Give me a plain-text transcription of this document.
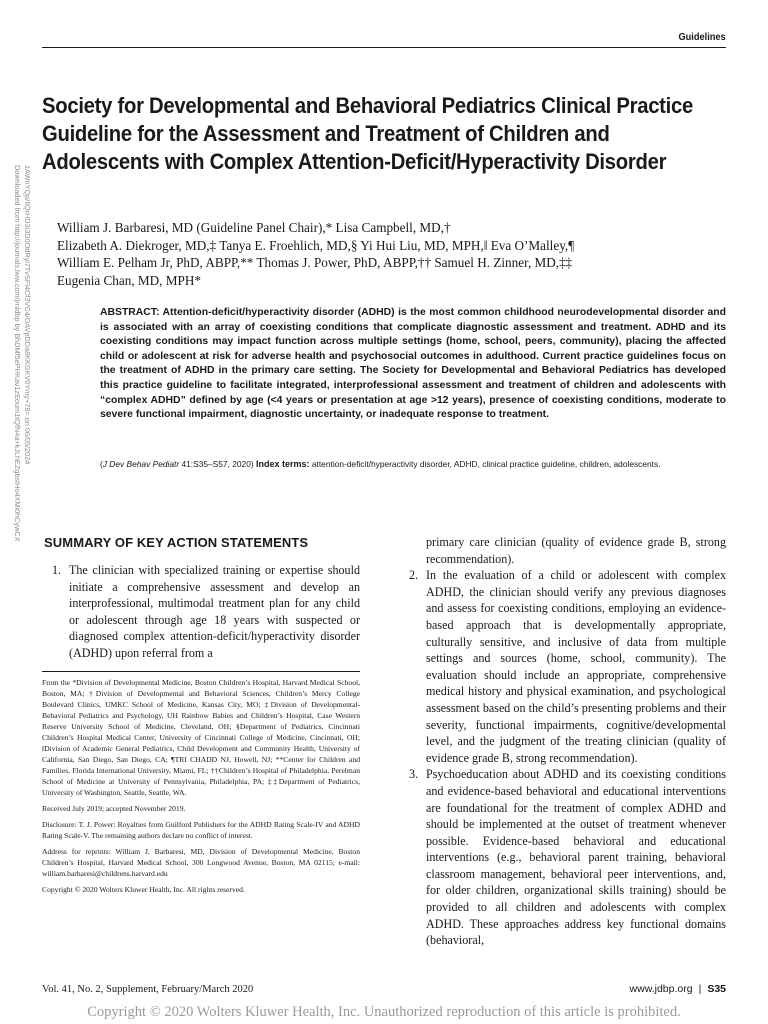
Guidelines
Downloaded from http://journals.lww.com/jrnldbp by BhDMf5ePHKav1zEoum1tQfN4a+kJLhEZgbsIHo4XMi0hCywCX 1AWnYQp/IlQrHD3i3D0OdRyi7TvSFl4Cf3VC4/OAVpDDa8KKGKV0Ymy+78= on 06/05/2024
Society for Developmental and Behavioral Pediatrics Clinical Practice Guideline for the Assessment and Treatment of Children and Adolescents with Complex Attention-Deficit/Hyperactivity Disorder
William J. Barbaresi, MD (Guideline Panel Chair),* Lisa Campbell, MD,†
Elizabeth A. Diekroger, MD,‡ Tanya E. Froehlich, MD,§ Yi Hui Liu, MD, MPH,‖ Eva O’Malley,¶
William E. Pelham Jr, PhD, ABPP,** Thomas J. Power, PhD, ABPP,†† Samuel H. Zinner, MD,‡‡
Eugenia Chan, MD, MPH*
ABSTRACT: Attention-deficit/hyperactivity disorder (ADHD) is the most common childhood neurodevelopmental disorder and is associated with an array of coexisting conditions that complicate diagnostic assessment and treatment. ADHD and its coexisting conditions may impact function across multiple settings (home, school, peers, community), placing the affected child or adolescent at risk for adverse health and psychosocial outcomes in adulthood. Current practice guidelines focus on the treatment of ADHD in the primary care setting. The Society for Developmental and Behavioral Pediatrics has developed this practice guideline to facilitate integrated, interprofessional assessment and treatment of children and adolescents with “complex ADHD” defined by age (<4 years or presentation at age >12 years), presence of coexisting conditions, moderate to severe functional impairment, diagnostic uncertainty, or inadequate response to treatment.
(J Dev Behav Pediatr 41:S35–S57, 2020) Index terms: attention-deficit/hyperactivity disorder, ADHD, clinical practice guideline, children, adolescents.
SUMMARY OF KEY ACTION STATEMENTS
1. The clinician with specialized training or expertise should initiate a comprehensive assessment and develop an interprofessional, multimodal treatment plan for any child or adolescent through age 18 years with suspected or diagnosed complex attention-deficit/hyperactivity disorder (ADHD) upon referral from a

From the *Division of Developmental Medicine, Boston Children’s Hospital, Harvard Medical School, Boston, MA; †Division of Developmental and Behavioral Sciences, Children’s Mercy College Boulevard Clinics, UMKC School of Medicine, Kansas City, MO; ‡Division of Developmental-Behavioral Pediatrics and Psychology, UH Rainbow Babies and Children’s Hospital, Case Western Reserve University School of Medicine, Cleveland, OH; §Department of Pediatrics, Cincinnati Children’s Hospital Medical Center, University of Cincinnati College of Medicine, Cincinnati, OH; ‖Division of Academic General Pediatrics, Child Development and Community Health, University of California, San Diego, San Diego, CA; ¶TRI CHADD NJ, Howell, NJ; **Center for Children and Families, Florida International University, Miami, FL; ††Children’s Hospital of Philadelphia, Perelman School of Medicine at University of Pennsylvania, Philadelphia, PA; ‡‡Department of Pediatrics, University of Washington, Seattle, Seattle, WA.

Received July 2019; accepted November 2019.

Disclosure: T. J. Power: Royalties from Guilford Publishers for the ADHD Rating Scale-IV and ADHD Rating Scale-V. The remaining authors declare no conflict of interest.

Address for reprints: William J. Barbaresi, MD, Division of Developmental Medicine, Boston Children’s Hospital, Harvard Medical School, 300 Longwood Avenue, Boston, MA 02115; e-mail: william.barbaresi@childrens.harvard.edu

Copyright © 2020 Wolters Kluwer Health, Inc. All rights reserved.

primary care clinician (quality of evidence grade B, strong recommendation).
2. In the evaluation of a child or adolescent with complex ADHD, the clinician should verify any previous diagnoses and assess for coexisting conditions, employing an evidence-based approach that is developmentally appropriate, culturally sensitive, and inclusive of data from multiple settings and sources (home, school, community). The evaluation should include an appropriate, comprehensive medical history and physical examination, and psychological assessment based on the child’s presenting problems and their severity, functional impairments, cognitive/developmental level, and the judgment of the treating clinician (quality of evidence grade B, strong recommendation).
3. Psychoeducation about ADHD and its coexisting conditions and evidence-based behavioral and educational interventions are foundational for the treatment of complex ADHD and should be implemented at the outset of treatment whenever possible. Evidence-based behavioral and educational interventions (e.g., behavioral parent training, behavioral classroom management, behavioral peer interventions, and, for older children, organizational skills training) should be provided to all children and adolescents with complex ADHD. These approaches address key functional domains (behavioral,
Vol. 41, No. 2, Supplement, February/March 2020	www.jdbp.org | S35
Copyright © 2020 Wolters Kluwer Health, Inc. Unauthorized reproduction of this article is prohibited.
